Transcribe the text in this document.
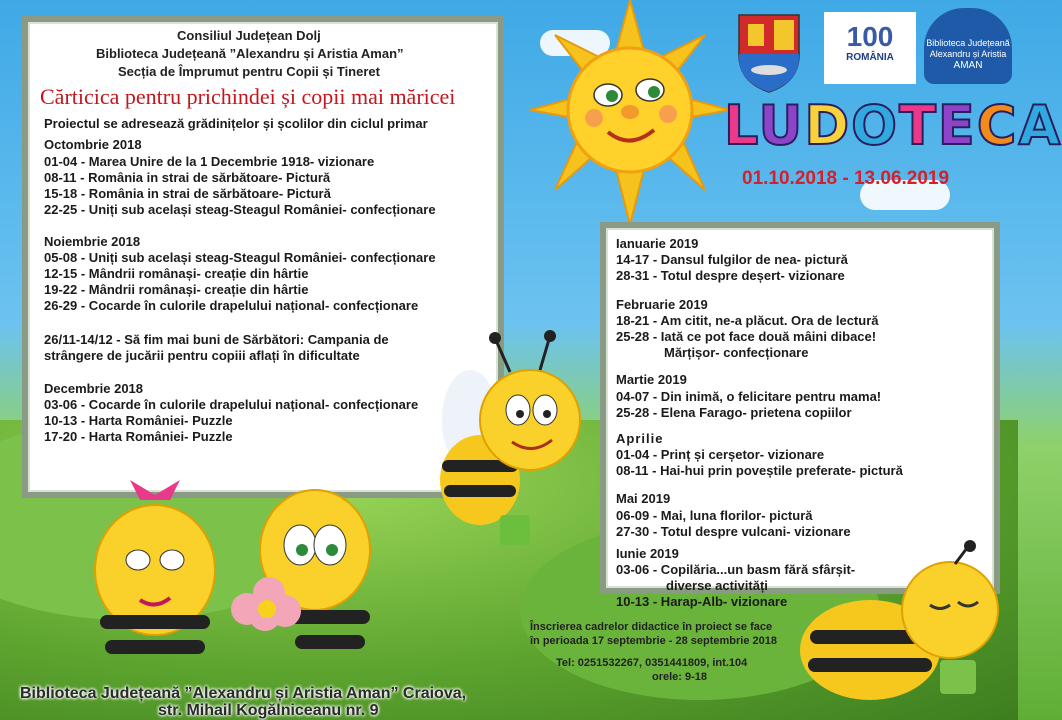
100
ROMÂNIA
Biblioteca Județeană
Alexandru și Aristia
AMAN
LUDOTECA
01.10.2018 - 13.06.2019

Consiliul Județean Dolj

Biblioteca Județeană ”Alexandru și Aristia Aman”

Secția de Împrumut pentru Copii și Tineret

Cărticica pentru prichindei și copii mai măricei

Proiectul se adresează grădinițelor și școlilor din ciclul primar

Octombrie 2018

01-04 - Marea Unire de la 1 Decembrie 1918- vizionare

08-11 - România in strai de sărbătoare- Pictură

15-18 - România in strai de sărbătoare- Pictură

22-25 - Uniți sub același steag-Steagul României- confecționare

Noiembrie 2018

05-08 - Uniți sub același steag-Steagul României- confecționare

12-15 - Mândrii românași- creație din hârtie

19-22 - Mândrii românași- creație din hârtie

26-29 - Cocarde în culorile drapelului național- confecționare

26/11-14/12 - Să fim mai buni de Sărbători: Campania de

strângere de jucării pentru copiii aflați în dificultate

Decembrie 2018

03-06 - Cocarde în culorile drapelului național- confecționare

10-13 - Harta României- Puzzle

17-20 - Harta României- Puzzle

Ianuarie 2019

14-17 - Dansul fulgilor de nea- pictură

28-31 - Totul despre deșert- vizionare

Februarie 2019

18-21 - Am citit, ne-a plăcut. Ora de lectură

25-28 - Iată ce pot face două mâini dibace!

Mărțișor- confecționare

Martie 2019

04-07 - Din inimă, o felicitare pentru mama!

25-28 - Elena Farago- prietena copiilor

Aprilie

01-04 - Prinț și cerșetor- vizionare

08-11 - Hai-hui prin poveștile preferate- pictură

Mai 2019

06-09 - Mai, luna florilor- pictură

27-30 - Totul despre vulcani- vizionare

Iunie 2019

03-06 - Copilăria...un basm fără sfârșit-

diverse activități

10-13 - Harap-Alb- vizionare

Înscrierea cadrelor didactice în proiect se face
în perioada 17 septembrie - 28 septembrie 2018
Tel: 0251532267, 0351441809, int.104
orele: 9-18
Biblioteca Județeană ”Alexandru și Aristia Aman” Craiova,
str. Mihail Kogălniceanu nr. 9
